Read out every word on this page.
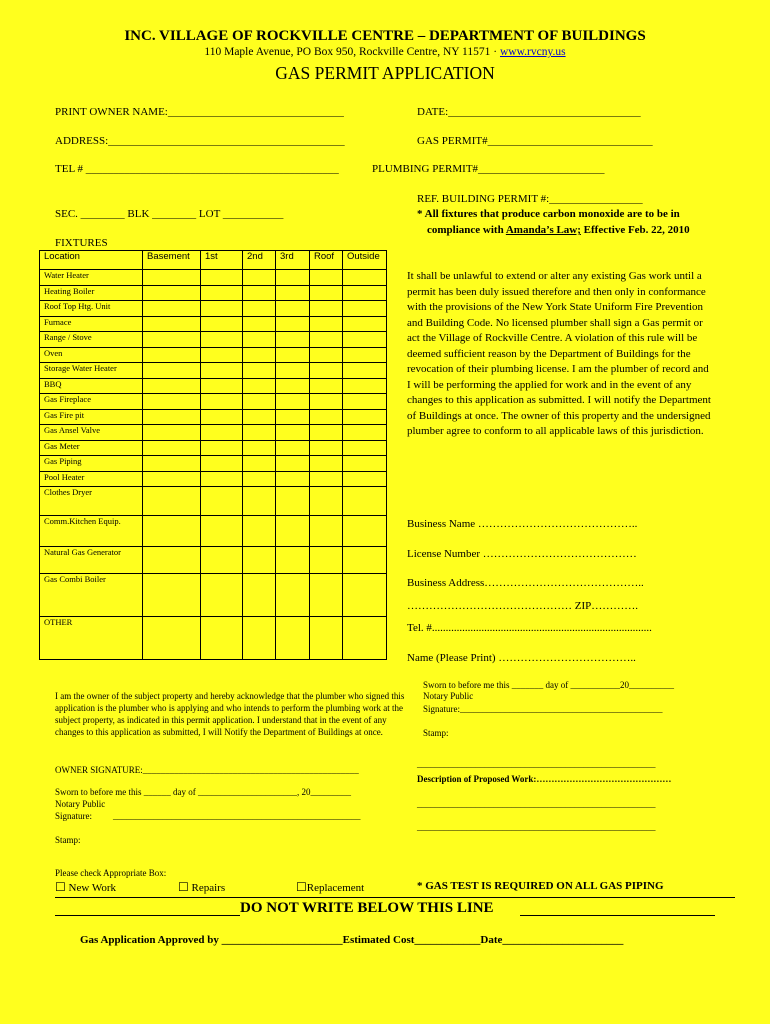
INC. VILLAGE OF ROCKVILLE CENTRE – DEPARTMENT OF BUILDINGS
110 Maple Avenue, PO Box 950, Rockville Centre, NY 11571 · www.rvcny.us
GAS PERMIT APPLICATION
PRINT OWNER NAME:________________________________	DATE:___________________________________
ADDRESS:___________________________________________	GAS PERMIT#______________________________
TEL # ______________________________________________	PLUMBING PERMIT#_______________________
REF. BUILDING PERMIT #:_________________
SEC. ________ BLK ________ LOT ___________	* All fixtures that produce carbon monoxide are to be in
compliance with Amanda’s Law; Effective Feb. 22, 2010
FIXTURES
Location	Basement	1st	2nd	3rd	Roof	Outside
Water Heater						
Heating Boiler						
Roof Top Htg. Unit						
Furnace						
Range / Stove						
Oven						
Storage Water Heater						
BBQ						
Gas Fireplace						
Gas Fire pit						
Gas Ansel Valve						
Gas Meter						
Gas Piping						
Pool Heater						
Clothes Dryer						
Comm.Kitchen Equip.						
Natural Gas Generator						
Gas Combi Boiler						
OTHER						
It shall be unlawful to extend or alter any existing Gas work until a permit has been duly issued therefore and then only in conformance with the provisions of the New York State Uniform Fire Prevention and Building Code. No licensed plumber shall sign a Gas permit or act the Village of Rockville Centre. A violation of this rule will be deemed sufficient reason by the Department of Buildings for the revocation of their plumbing license. I am the plumber of record and I will be performing the applied for work and in the event of any changes to this application as submitted. I will notify the Department of Buildings at once. The owner of this property and the undersigned plumber agree to conform to all applicable laws of this jurisdiction.
Business Name ……………………………………..
License Number ……………………………………
Business Address……………………………………..
……………………………………… ZIP………….
Tel. #................................................................................
Name (Please Print) ………………………………..
Sworn to before me this _______ day of ___________20__________
Notary Public
Signature:_____________________________________________
Stamp:
I am the owner of the subject property and hereby acknowledge that the plumber who signed this application is the plumber who is applying and who intends to perform the plumbing work at the subject property, as indicated in this permit application. I understand that in the event of any changes to this application as submitted, I will Notify the Department of Buildings at once.
OWNER SIGNATURE:________________________________________________
Sworn to before me this ______ day of ______________________, 20_________
Notary Public
Signature: _______________________________________________________
Stamp:
_____________________________________________________
Description of Proposed Work:………………………………………
_____________________________________________________
_____________________________________________________
Please check Appropriate Box:
☐ New Work	☐ Repairs	☐Replacement	* GAS TEST IS REQUIRED ON ALL GAS PIPING
DO NOT WRITE BELOW THIS LINE
Gas Application Approved by ______________________Estimated Cost____________Date______________________
